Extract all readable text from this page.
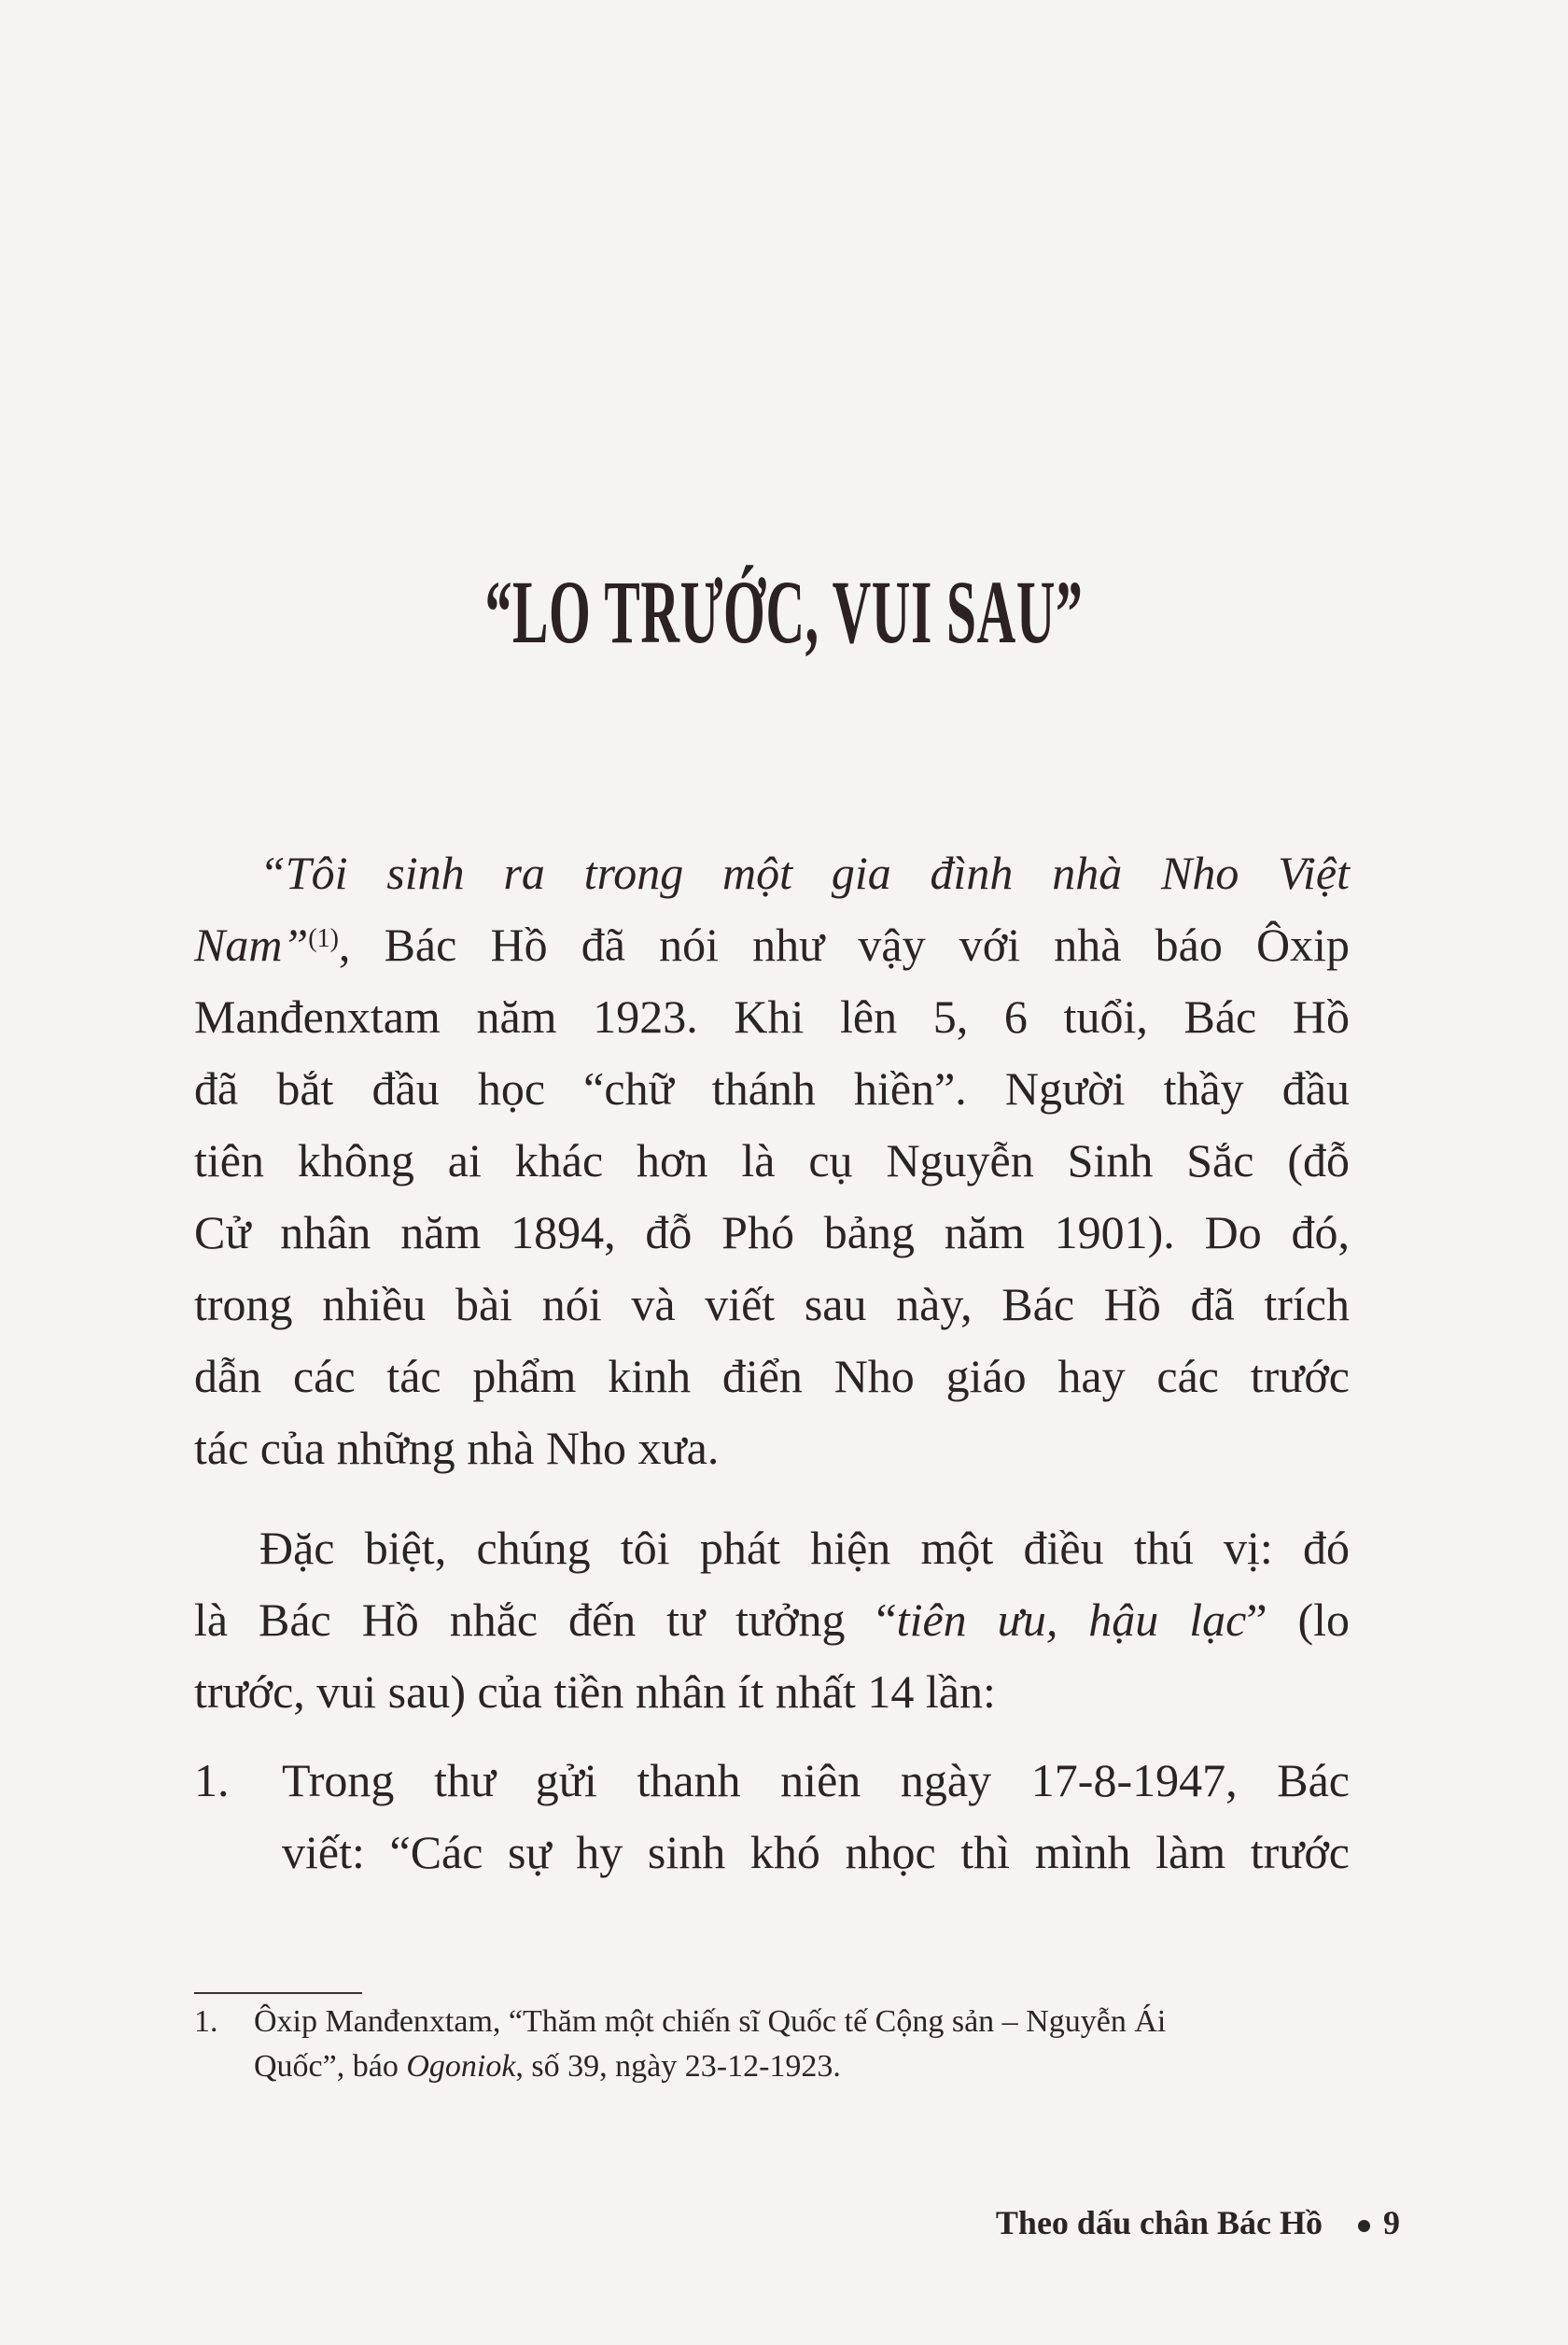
“LO TRƯỚC, VUI SAU”
“Tôi sinh ra trong một gia đình nhà Nho Việt
Nam”$^{(1)}$, Bác Hồ đã nói như vậy với nhà báo Ôxip
Manđenxtam năm 1923. Khi lên 5, 6 tuổi, Bác Hồ
đã bắt đầu học “chữ thánh hiền”. Người thầy đầu
tiên không ai khác hơn là cụ Nguyễn Sinh Sắc (đỗ
Cử nhân năm 1894, đỗ Phó bảng năm 1901). Do đó,
trong nhiều bài nói và viết sau này, Bác Hồ đã trích
dẫn các tác phẩm kinh điển Nho giáo hay các trước
tác của những nhà Nho xưa.
Đặc biệt, chúng tôi phát hiện một điều thú vị: đó
là Bác Hồ nhắc đến tư tưởng “tiên ưu, hậu lạc” (lo
trước, vui sau) của tiền nhân ít nhất 14 lần:
1. Trong thư gửi thanh niên ngày 17-8-1947, Bác
viết: “Các sự hy sinh khó nhọc thì mình làm trước
1. Ôxip Manđenxtam, “Thăm một chiến sĩ Quốc tế Cộng sản – Nguyễn Ái
Quốc”, báo Ogoniok, số 39, ngày 23-12-1923.
Theo dấu chân Bác Hồ 9
